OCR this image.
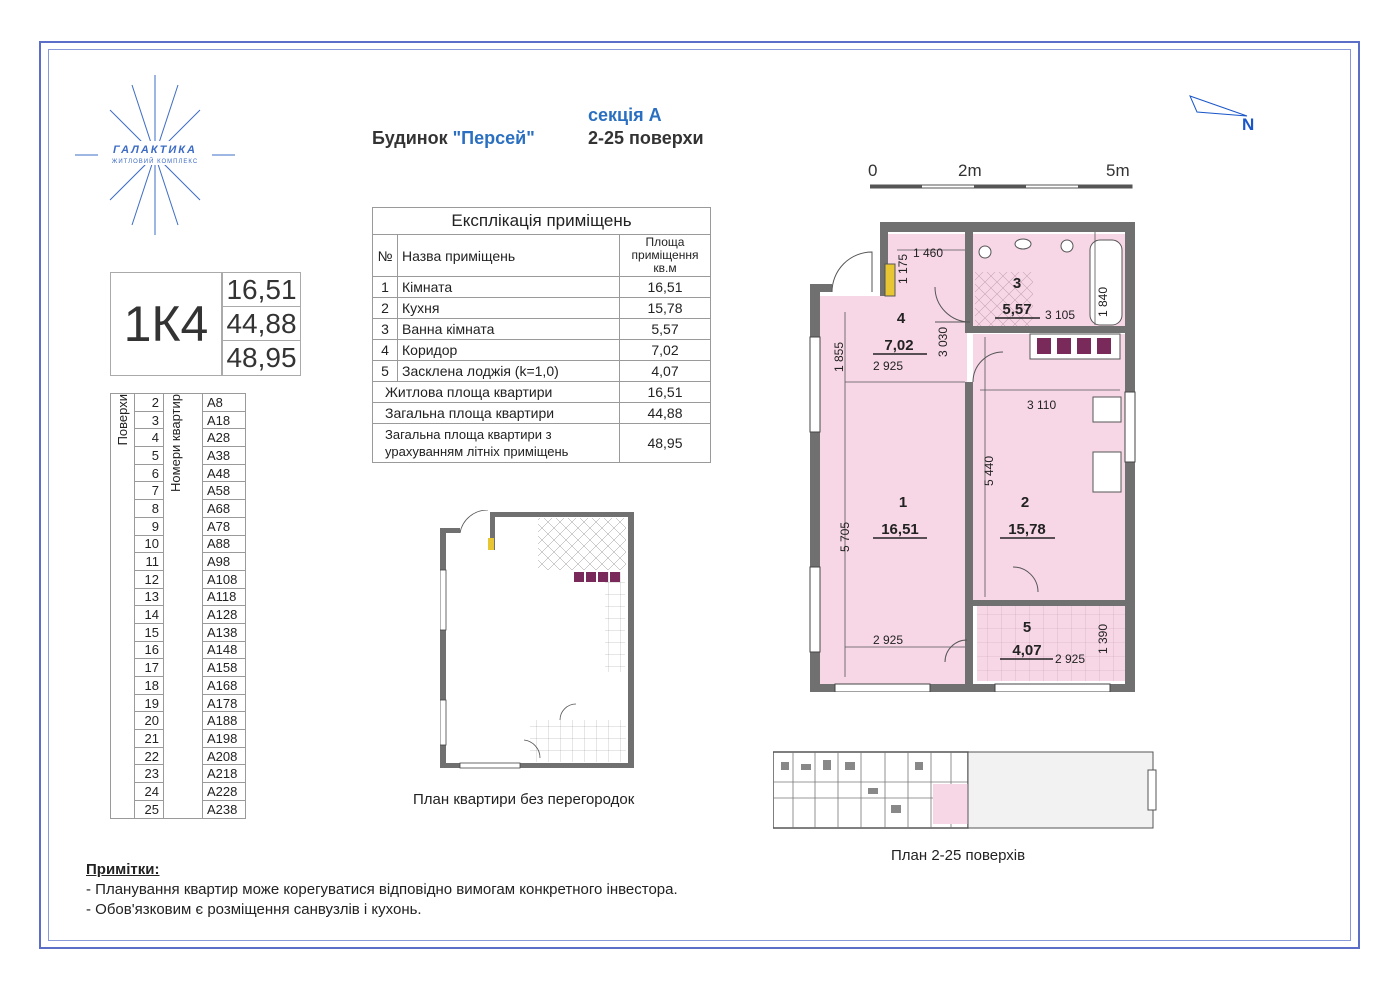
ГАЛАКТИКА
ЖИТЛОВИЙ КОМПЛЕКС
Будинок "Персей"
секція А
2-25 поверхи
N
0	2m	5m
1К4
16,51
44,88
48,95
Експлікація приміщень		
№	Назва приміщень	Площа приміщення кв.м
1	Кімната	16,51
2	Кухня	15,78
3	Ванна кімната	5,57
4	Коридор	7,02
5	Засклена лоджія (k=1,0)	4,07
Житлова площа квартири		16,51
Загальна площа квартири		44,88
Загальна площа квартири з урахуванням літніх приміщень		48,95
Поверхи	2	Номери квартир	А8
	3		А18
	4		А28
	5		А38
	6		А48
	7		А58
	8		А68
	9		А78
	10		А88
	11		А98
	12		А108
	13		А118
	14		А128
	15		А138
	16		А148
	17		А158
	18		А168
	19		А178
	20		А188
	21		А198
	22		А208
	23		А218
	24		А228
	25		А238
1
16,51
2
15,78
3
5,57
4
7,02
5
4,07
1 460
1 175
1 840
3 105
1 855	3 030
2 925
3 110
5 440
5 705
2 925
2 925
1 390
План квартири без перегородок
План 2-25 поверхів
Примітки:
- Планування квартир може корегуватися відповідно вимогам конкретного інвестора.
- Обов'язковим є розміщення санвузлів і кухонь.
